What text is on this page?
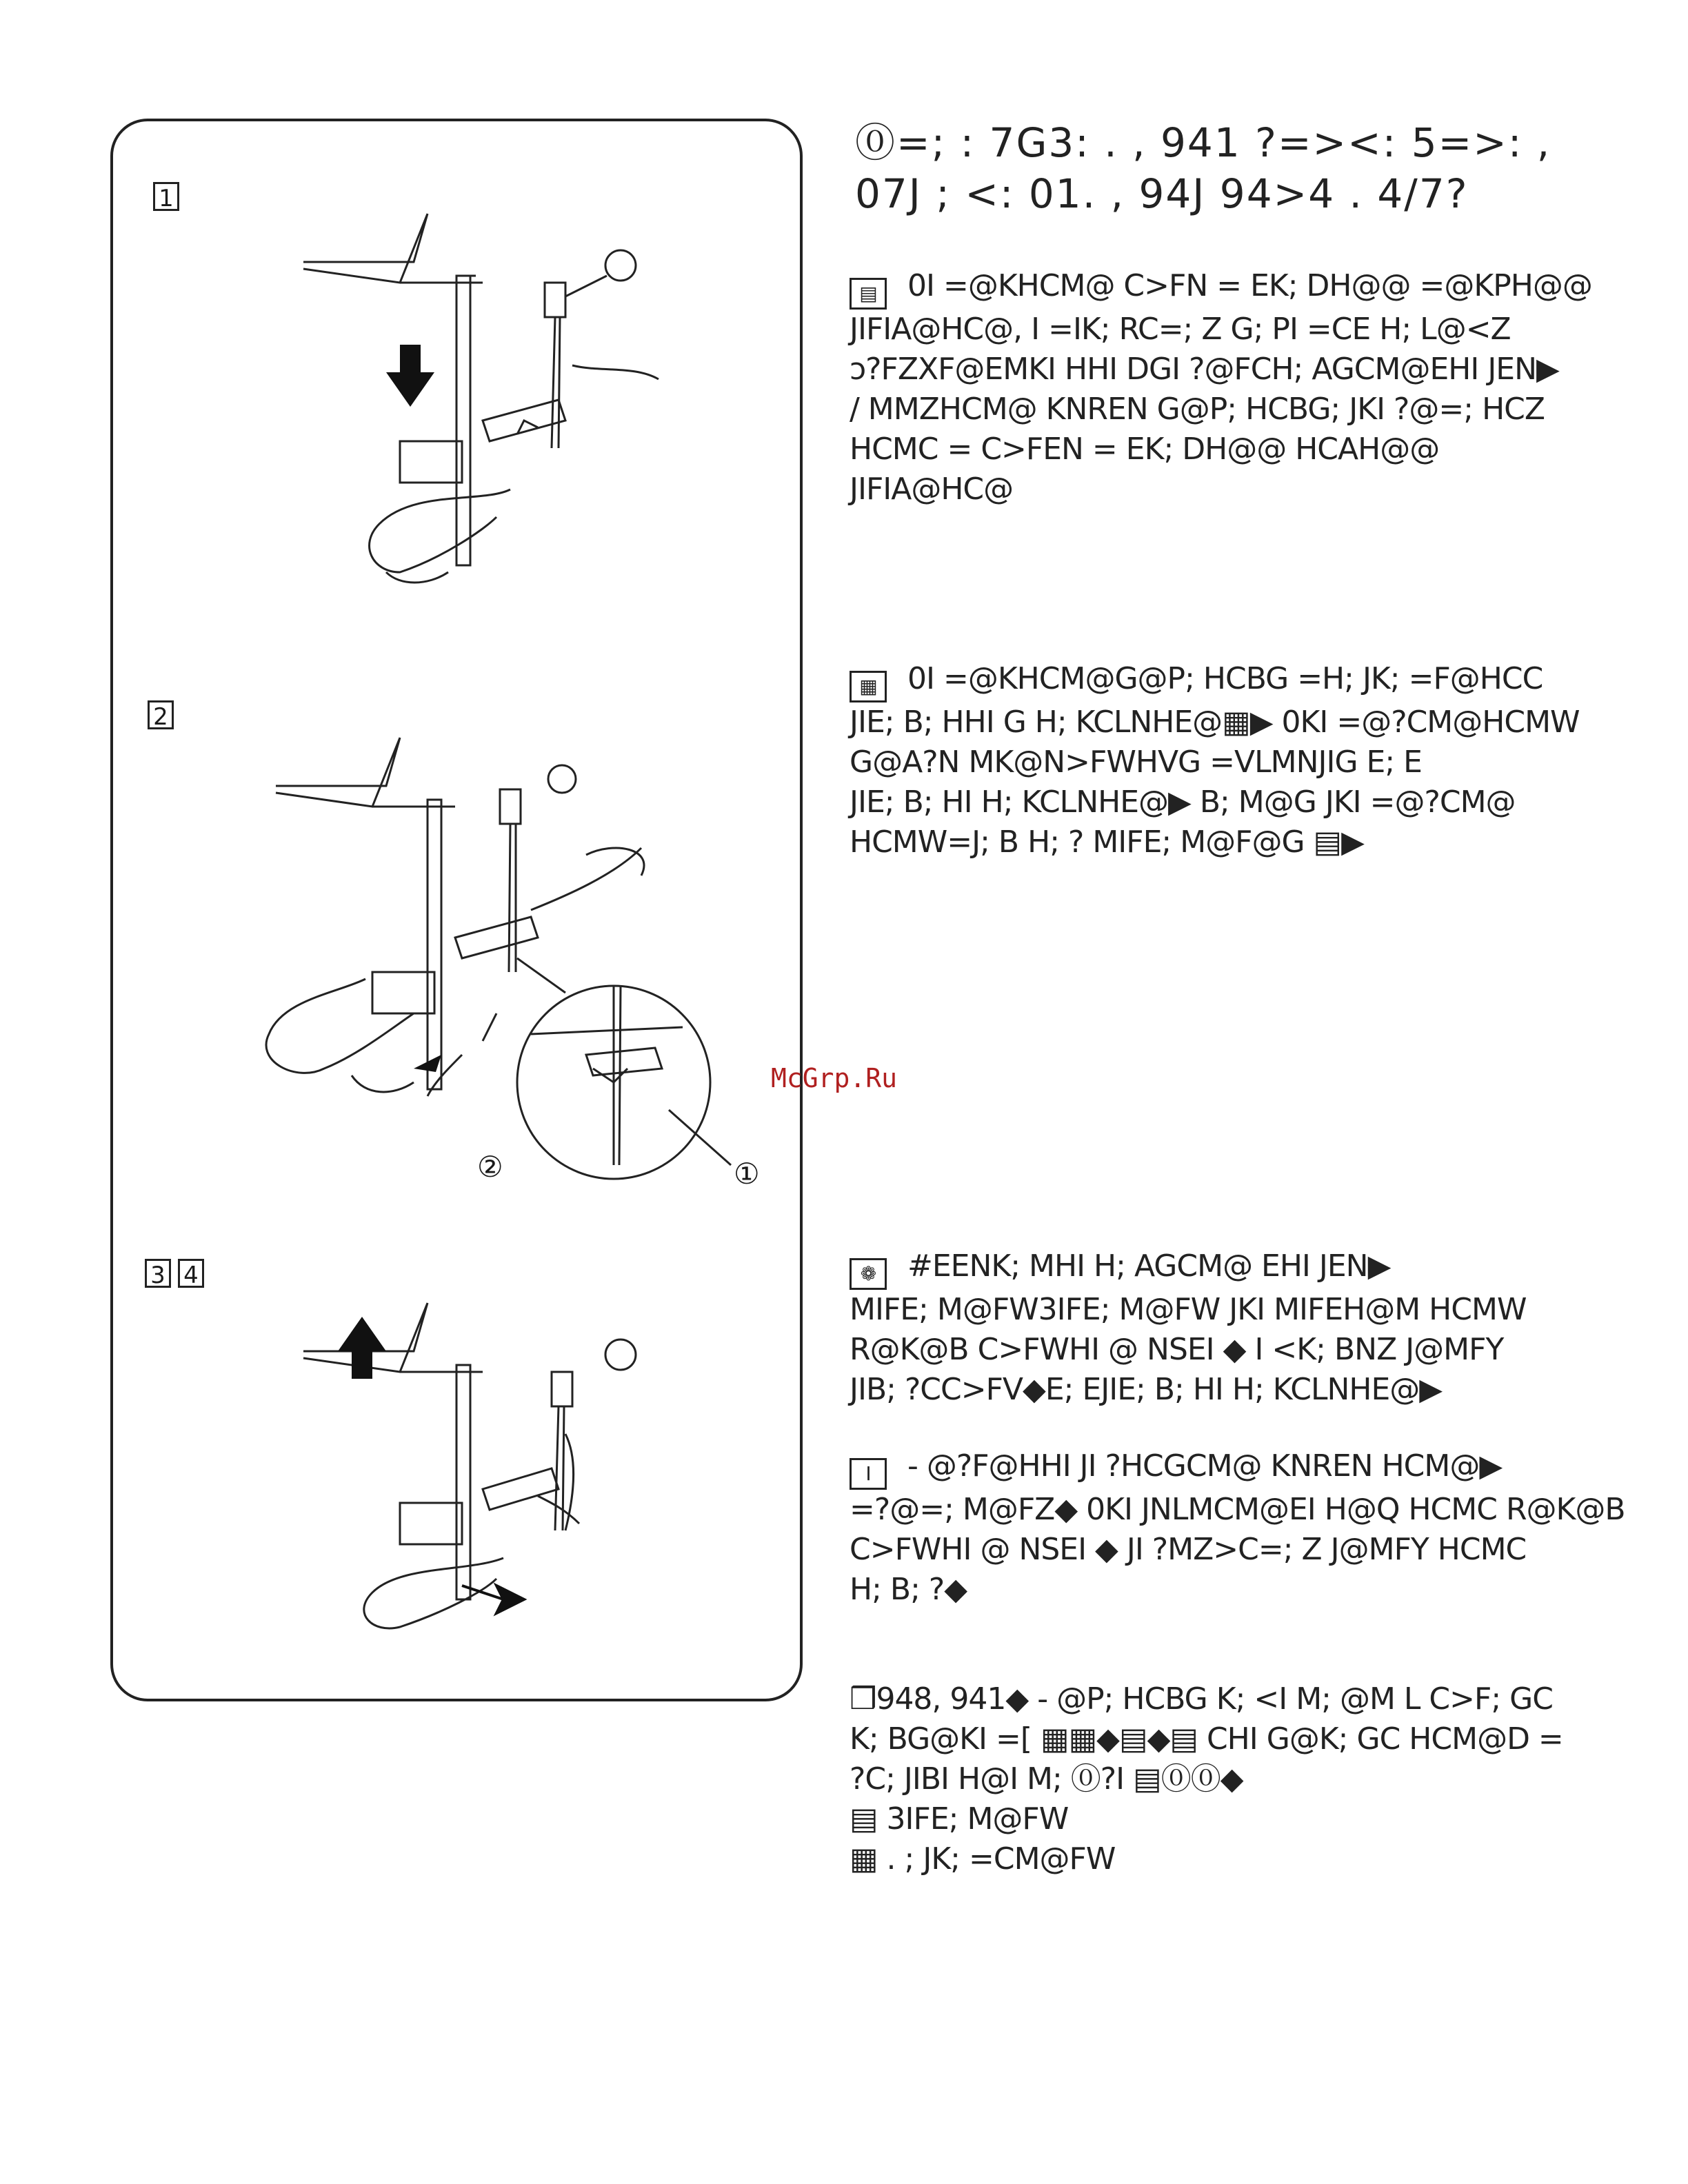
1
2
②	①
3 4
McGrp.Ru
⓪=; : 7G3: . , 941 ?=><: 5=>: ,
07J ; <: 01. , 94J 94>4 . 4/7?
▤ 0I =@KHCM@ C>FN = EK; DH@@ =@KPH@@
JIFIA@HC@, I =IK; RC=; Z G; PI =CE H; L@<Z
ↄ?FZXF@EMKI HHI DGI ?@FCH; AGCM@EHI JEN▶
/ MMZHCM@ KNREN G@P; HCBG; JKI ?@=; HCZ
HCMC = C>FEN = EK; DH@@ HCAH@@
JIFIA@HC@
▦ 0I =@KHCM@G@P; HCBG =H; JK; =F@HCC
JIE; B; HHI G H; KCLNHE@▦▶ 0KI =@?CM@HCMW
G@A?N MK@N>FWHVG =VLMNJIG E; E
JIE; B; HI H; KCLNHE@▶ B; M@G JKI =@?CM@
HCMW=J; B H; ? MIFE; M@F@G ▤▶
❁ #EENK; MHI H; AGCM@ EHI JEN▶
MIFE; M@FW3IFE; M@FW JKI MIFEH@M HCMW
R@K@B C>FWHI @ NSEI ◆ I <K; BNZ J@MFY
JIB; ?CC>FV◆E; EJIE; B; HI H; KCLNHE@▶
I - @?F@HHI JI ?HCGCM@ KNREN HCM@▶
=?@=; M@FZ◆ 0KI JNLMCM@EI H@Q HCMC R@K@B
C>FWHI @ NSEI ◆ JI ?MZ>C=; Z J@MFY HCMC
H; B; ?◆
❒948, 941◆ - @P; HCBG K; <I M; @M L C>F; GC
K; BG@KI =[ ▦▦◆▤◆▤ CHI G@K; GC HCM@D =
?C; JIBI H@I M; ⓪?I ▤⓪⓪◆
▤ 3IFE; M@FW
▦ . ; JK; =CM@FW
